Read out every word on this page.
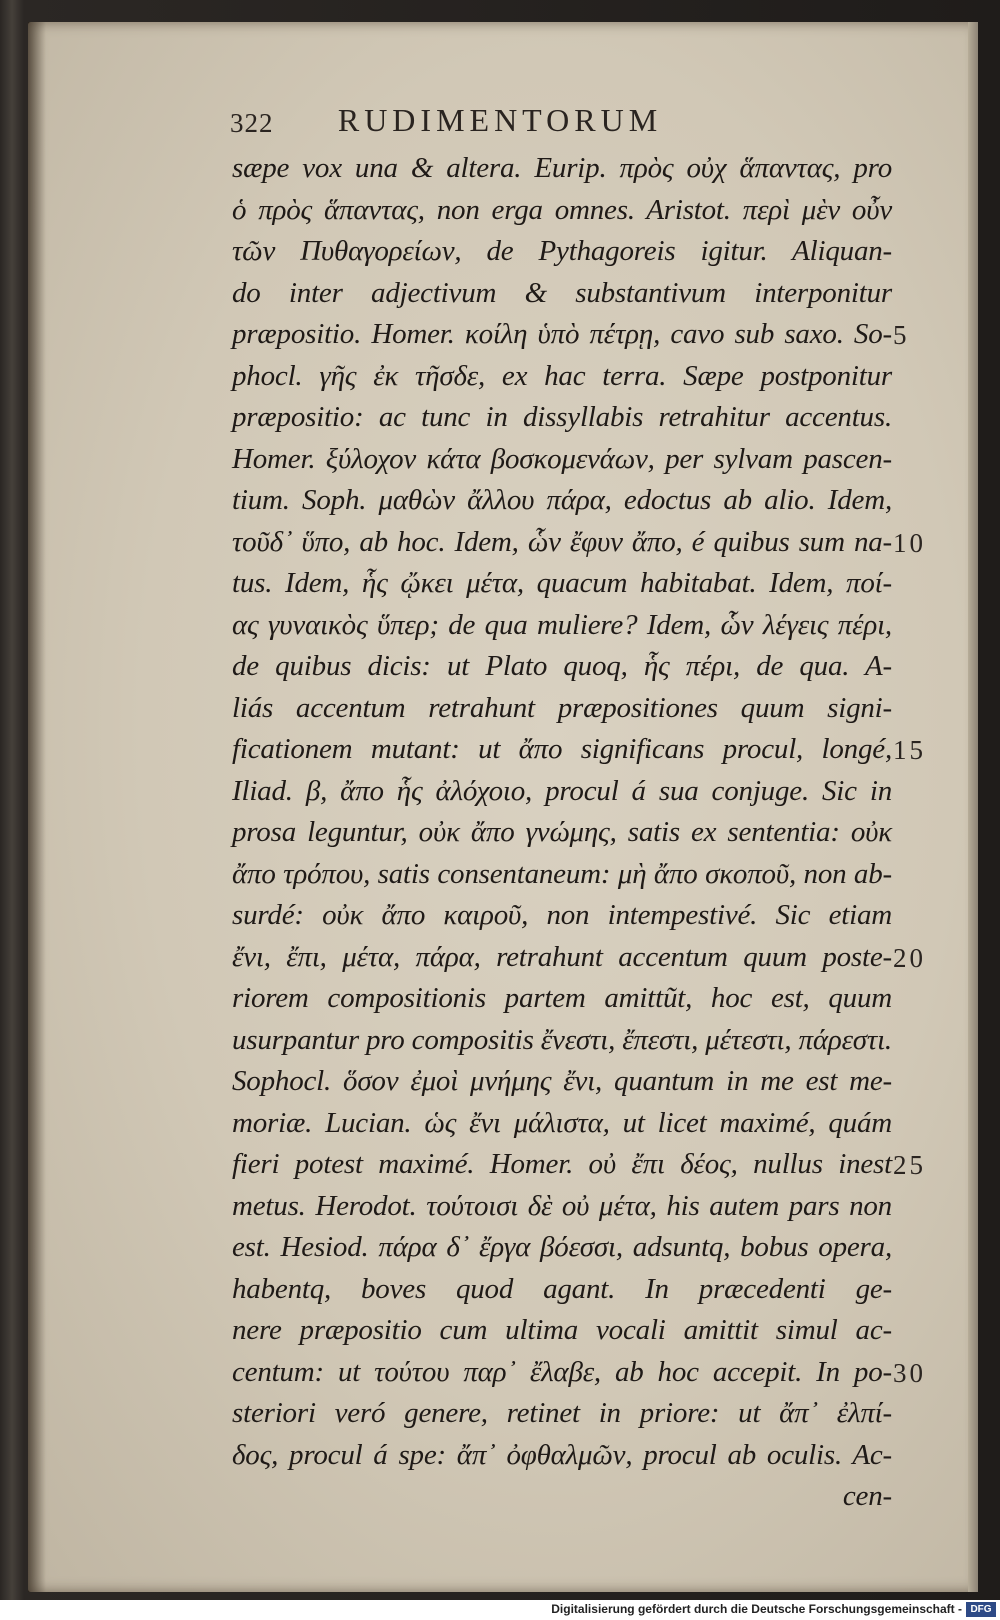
322	RUDIMENTORUM
sæpe vox una & altera. Eurip. πρὸς οὐχ ἅπαντας, pro
ὁ πρὸς ἅπαντας, non erga omnes. Aristot. περὶ μὲν οὖν
τῶν Πυθαγορείων, de Pythagoreis igitur. Aliquan-
do inter adjectivum & substantivum interponitur
præpositio. Homer. κοίλη ὑπὸ πέτρῃ, cavo sub saxo. So-
phocl. γῆς ἐκ τῆσδε, ex hac terra. Sæpe postponitur
præpositio: ac tunc in dissyllabis retrahitur accentus.
Homer. ξύλοχον κάτα βοσκομενάων, per sylvam pascen-
tium. Soph. μαθὼν ἄλλου πάρα, edoctus ab alio. Idem,
τοῦδ᾽ ὕπο, ab hoc. Idem, ὧν ἔφυν ἄπο, é quibus sum na-
tus. Idem, ἧς ᾤκει μέτα, quacum habitabat. Idem, ποί-
ας γυναικὸς ὕπερ; de qua muliere? Idem, ὧν λέγεις πέρι,
de quibus dicis: ut Plato quoq, ἧς πέρι, de qua. A-
liás accentum retrahunt præpositiones quum signi-
ficationem mutant: ut ἄπο significans procul, longé,
Iliad. β, ἄπο ἧς ἀλόχοιο, procul á sua conjuge. Sic in
prosa leguntur, οὐκ ἄπο γνώμης, satis ex sententia: οὐκ
ἄπο τρόπου, satis consentaneum: μὴ ἄπο σκοποῦ, non ab-
surdé: οὐκ ἄπο καιροῦ, non intempestivé. Sic etiam
ἔνι, ἔπι, μέτα, πάρα, retrahunt accentum quum poste-
riorem compositionis partem amittũt, hoc est, quum
usurpantur pro compositis ἔνεστι, ἔπεστι, μέτεστι, πάρεστι.
Sophocl. ὅσον ἐμοὶ μνήμης ἔνι, quantum in me est me-
moriæ. Lucian. ὡς ἔνι μάλιστα, ut licet maximé, quám
fieri potest maximé. Homer. οὐ ἔπι δέος, nullus inest
metus. Herodot. τούτοισι δὲ οὐ μέτα, his autem pars non
est. Hesiod. πάρα δ᾽ ἔργα βόεσσι, adsuntq, bobus opera,
habentq, boves quod agant. In præcedenti ge-
nere præpositio cum ultima vocali amittit simul ac-
centum: ut τούτου παρ᾽ ἔλαβε, ab hoc accepit. In po-
steriori veró genere, retinet in priore: ut ἄπ᾽ ἐλπί-
δος, procul á spe: ἄπ᾽ ὀφθαλμῶν, procul ab oculis. Ac-
cen-
5
10
15
20
25
30
Digitalisierung gefördert durch die Deutsche Forschungsgemeinschaft - DFG
